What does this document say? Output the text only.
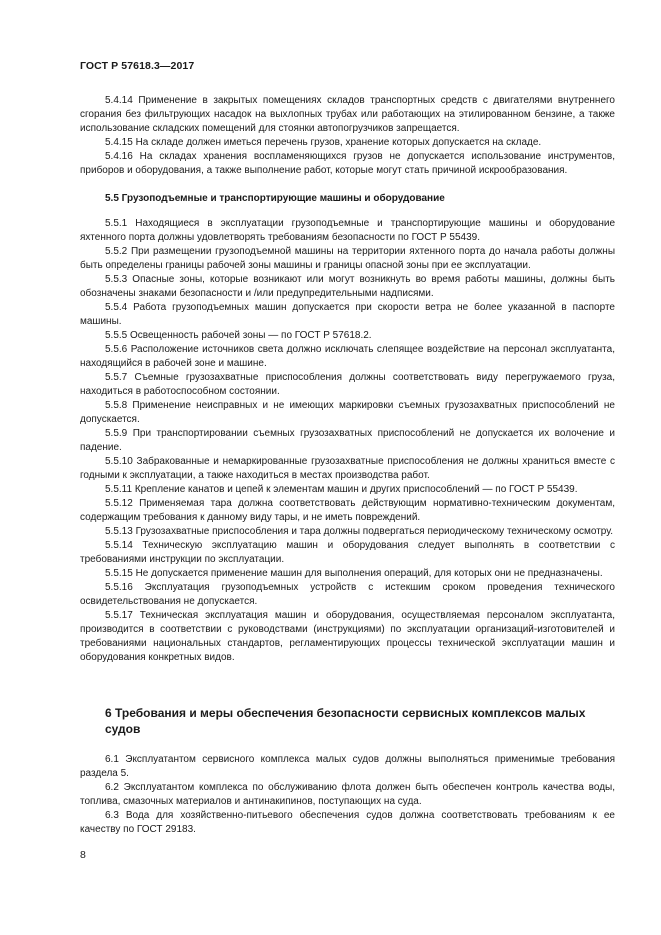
ГОСТ Р 57618.3—2017

5.4.14 Применение в закрытых помещениях складов транспортных средств с двигателями внутреннего сгорания без фильтрующих насадок на выхлопных трубах или работающих на этилированном бензине, а также использование складских помещений для стоянки автопогрузчиков запрещается.

5.4.15 На складе должен иметься перечень грузов, хранение которых допускается на складе.

5.4.16 На складах хранения воспламеняющихся грузов не допускается использование инструментов, приборов и оборудования, а также выполнение работ, которые могут стать причиной искрообразования.

5.5 Грузоподъемные и транспортирующие машины и оборудование

5.5.1 Находящиеся в эксплуатации грузоподъемные и транспортирующие машины и оборудование яхтенного порта должны удовлетворять требованиям безопасности по ГОСТ Р 55439.

5.5.2 При размещении грузоподъемной машины на территории яхтенного порта до начала работы должны быть определены границы рабочей зоны машины и границы опасной зоны при ее эксплуатации.

5.5.3 Опасные зоны, которые возникают или могут возникнуть во время работы машины, должны быть обозначены знаками безопасности и /или предупредительными надписями.

5.5.4 Работа грузоподъемных машин допускается при скорости ветра не более указанной в паспорте машины.

5.5.5 Освещенность рабочей зоны — по ГОСТ Р 57618.2.

5.5.6 Расположение источников света должно исключать слепящее воздействие на персонал эксплуатанта, находящийся в рабочей зоне и машине.

5.5.7 Съемные грузозахватные приспособления должны соответствовать виду перегружаемого груза, находиться в работоспособном состоянии.

5.5.8 Применение неисправных и не имеющих маркировки съемных грузозахватных приспособлений не допускается.

5.5.9 При транспортировании съемных грузозахватных приспособлений не допускается их волочение и падение.

5.5.10 Забракованные и немаркированные грузозахватные приспособления не должны храниться вместе с годными к эксплуатации, а также находиться в местах производства работ.

5.5.11 Крепление канатов и цепей к элементам машин и других приспособлений — по ГОСТ Р 55439.

5.5.12 Применяемая тара должна соответствовать действующим нормативно-техническим документам, содержащим требования к данному виду тары, и не иметь повреждений.

5.5.13 Грузозахватные приспособления и тара должны подвергаться периодическому техническому осмотру.

5.5.14 Техническую эксплуатацию машин и оборудования следует выполнять в соответствии с требованиями инструкции по эксплуатации.

5.5.15 Не допускается применение машин для выполнения операций, для которых они не предназначены.

5.5.16 Эксплуатация грузоподъемных устройств с истекшим сроком проведения технического освидетельствования не допускается.

5.5.17 Техническая эксплуатация машин и оборудования, осуществляемая персоналом эксплуатанта, производится в соответствии с руководствами (инструкциями) по эксплуатации организаций-изготовителей и требованиями национальных стандартов, регламентирующих процессы технической эксплуатации машин и оборудования конкретных видов.

6 Требования и меры обеспечения безопасности сервисных комплексов малых судов

6.1 Эксплуатантом сервисного комплекса малых судов должны выполняться применимые требования раздела 5.

6.2 Эксплуатантом комплекса по обслуживанию флота должен быть обеспечен контроль качества воды, топлива, смазочных материалов и антинакипинов, поступающих на суда.

6.3 Вода для хозяйственно-питьевого обеспечения судов должна соответствовать требованиям к ее качеству по ГОСТ 29183.

8
